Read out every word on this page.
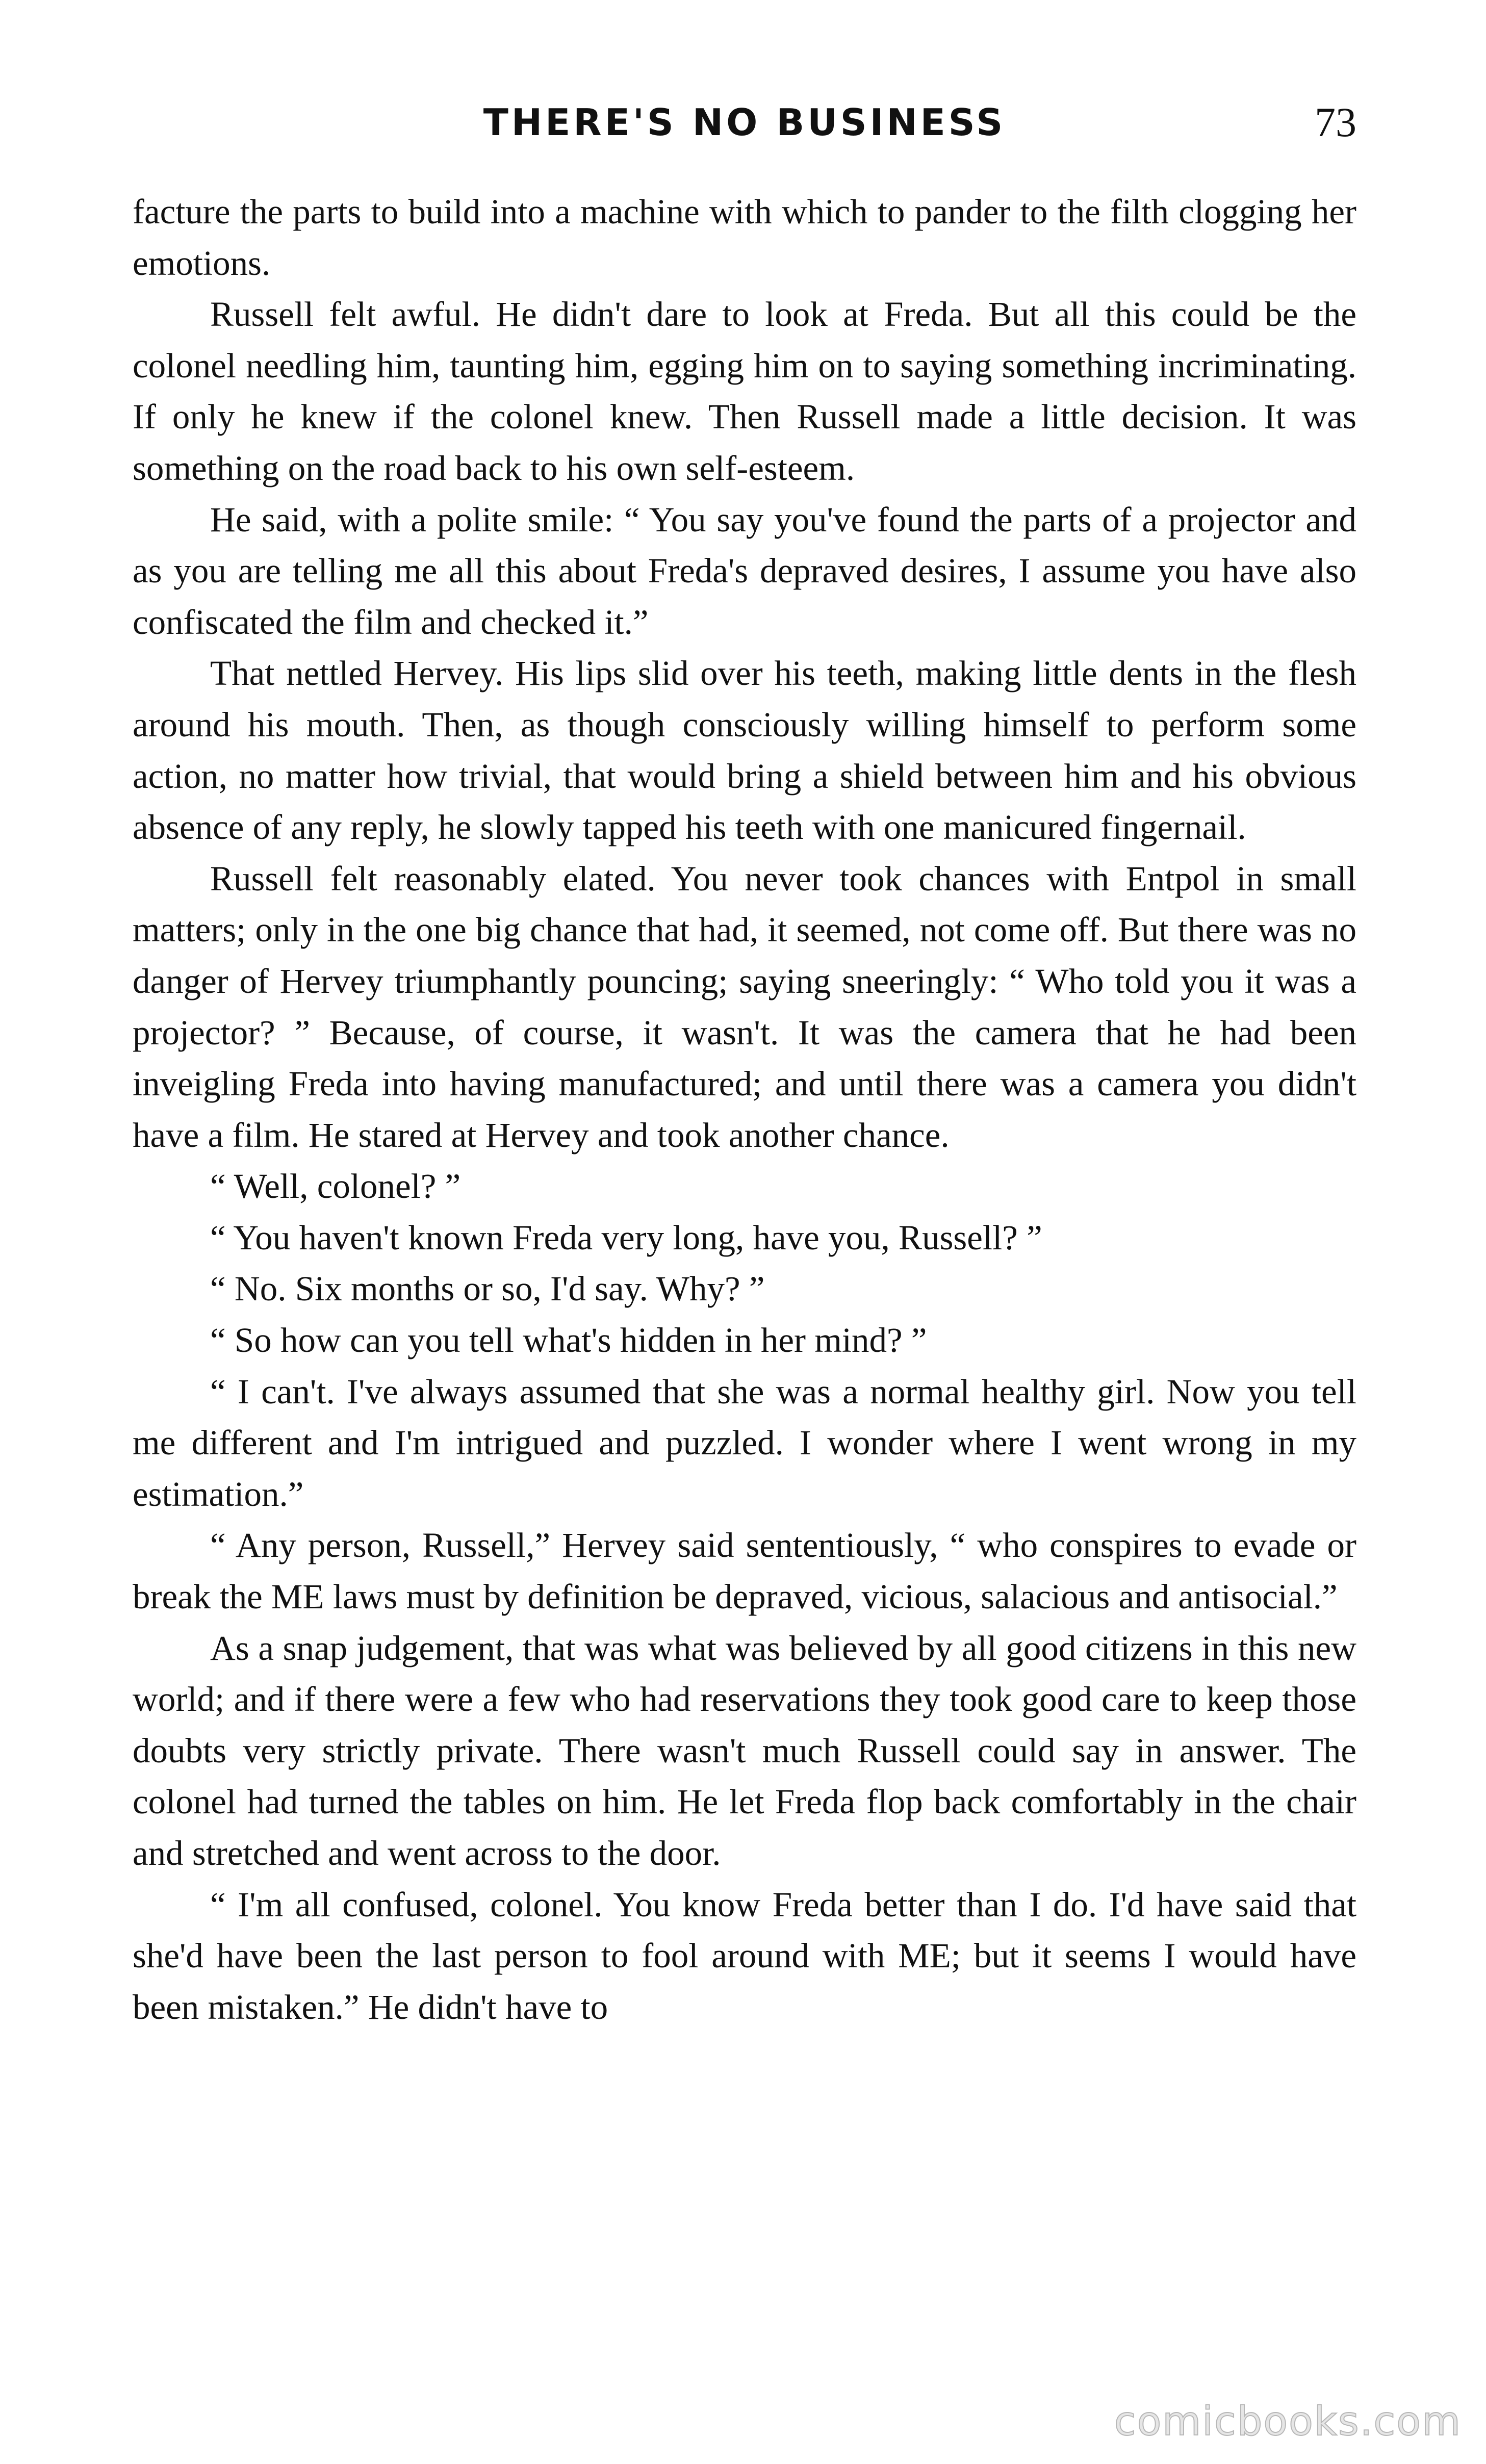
THERE'S NO BUSINESS	73

facture the parts to build into a machine with which to pander to the filth clogging her emotions.

Russell felt awful. He didn't dare to look at Freda. But all this could be the colonel needling him, taunting him, egging him on to saying something incriminating. If only he knew if the colonel knew. Then Russell made a little decision. It was something on the road back to his own self-esteem.

He said, with a polite smile: “ You say you've found the parts of a projector and as you are telling me all this about Freda's depraved desires, I assume you have also confiscated the film and checked it.”

That nettled Hervey. His lips slid over his teeth, making little dents in the flesh around his mouth. Then, as though consciously willing himself to perform some action, no matter how trivial, that would bring a shield between him and his obvious absence of any reply, he slowly tapped his teeth with one manicured fingernail.

Russell felt reasonably elated. You never took chances with Entpol in small matters; only in the one big chance that had, it seemed, not come off. But there was no danger of Hervey triumphantly pouncing; saying sneeringly: “ Who told you it was a projector? ” Because, of course, it wasn't. It was the camera that he had been inveigling Freda into having manufactured; and until there was a camera you didn't have a film. He stared at Hervey and took another chance.

“ Well, colonel? ”

“ You haven't known Freda very long, have you, Russell? ”

“ No. Six months or so, I'd say. Why? ”

“ So how can you tell what's hidden in her mind? ”

“ I can't. I've always assumed that she was a normal healthy girl. Now you tell me different and I'm intrigued and puzzled. I wonder where I went wrong in my estimation.”

“ Any person, Russell,” Hervey said sententiously, “ who conspires to evade or break the ME laws must by definition be depraved, vicious, salacious and antisocial.”

As a snap judgement, that was what was believed by all good citizens in this new world; and if there were a few who had reservations they took good care to keep those doubts very strictly private. There wasn't much Russell could say in answer. The colonel had turned the tables on him. He let Freda flop back comfortably in the chair and stretched and went across to the door.

“ I'm all confused, colonel. You know Freda better than I do. I'd have said that she'd have been the last person to fool around with ME; but it seems I would have been mistaken.” He didn't have to

comicbooks.com
